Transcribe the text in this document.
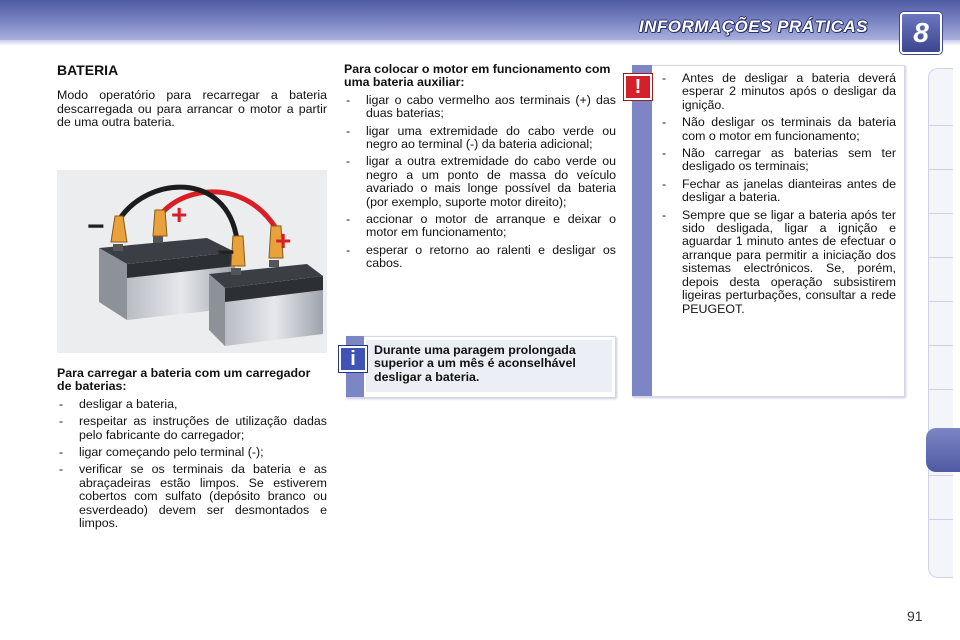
INFORMAÇÕES PRÁTICAS	8
BATERIA

Modo operatório para recarregar a bateria descarregada ou para arrancar o motor a partir de uma outra bateria.

− +
− +
Para carregar a bateria com um carregador de baterias:
- desligar a bateria,
- respeitar as instruções de utilização dadas pelo fabricante do carregador;
- ligar começando pelo terminal (-);
- verificar se os terminais da bateria e as abraçadeiras estão limpos. Se estiverem cobertos com sulfato (depósito branco ou esverdeado) devem ser desmontados e limpos.
Para colocar o motor em funcionamento com uma bateria auxiliar:
- ligar o cabo vermelho aos terminais (+) das duas baterias;
- ligar uma extremidade do cabo verde ou negro ao terminal (-) da bateria adicional;
- ligar a outra extremidade do cabo verde ou negro a um ponto de massa do veículo avariado o mais longe possível da bateria (por exemplo, suporte motor direito);
- accionar o motor de arranque e deixar o motor em funcionamento;
- esperar o retorno ao ralenti e desligar os cabos.
i	Durante uma paragem prolongada superior a um mês é aconselhável desligar a bateria.
!	- Antes de desligar a bateria deverá esperar 2 minutos após o desligar da ignição.
- Não desligar os terminais da bateria com o motor em funcionamento;
- Não carregar as baterias sem ter desligado os terminais;
- Fechar as janelas dianteiras antes de desligar a bateria.
- Sempre que se ligar a bateria após ter sido desligada, ligar a ignição e aguardar 1 minuto antes de efectuar o arranque para permitir a iniciação dos sistemas electrónicos. Se, porém, depois desta operação subsistirem ligeiras perturbações, consultar a rede PEUGEOT.
91
